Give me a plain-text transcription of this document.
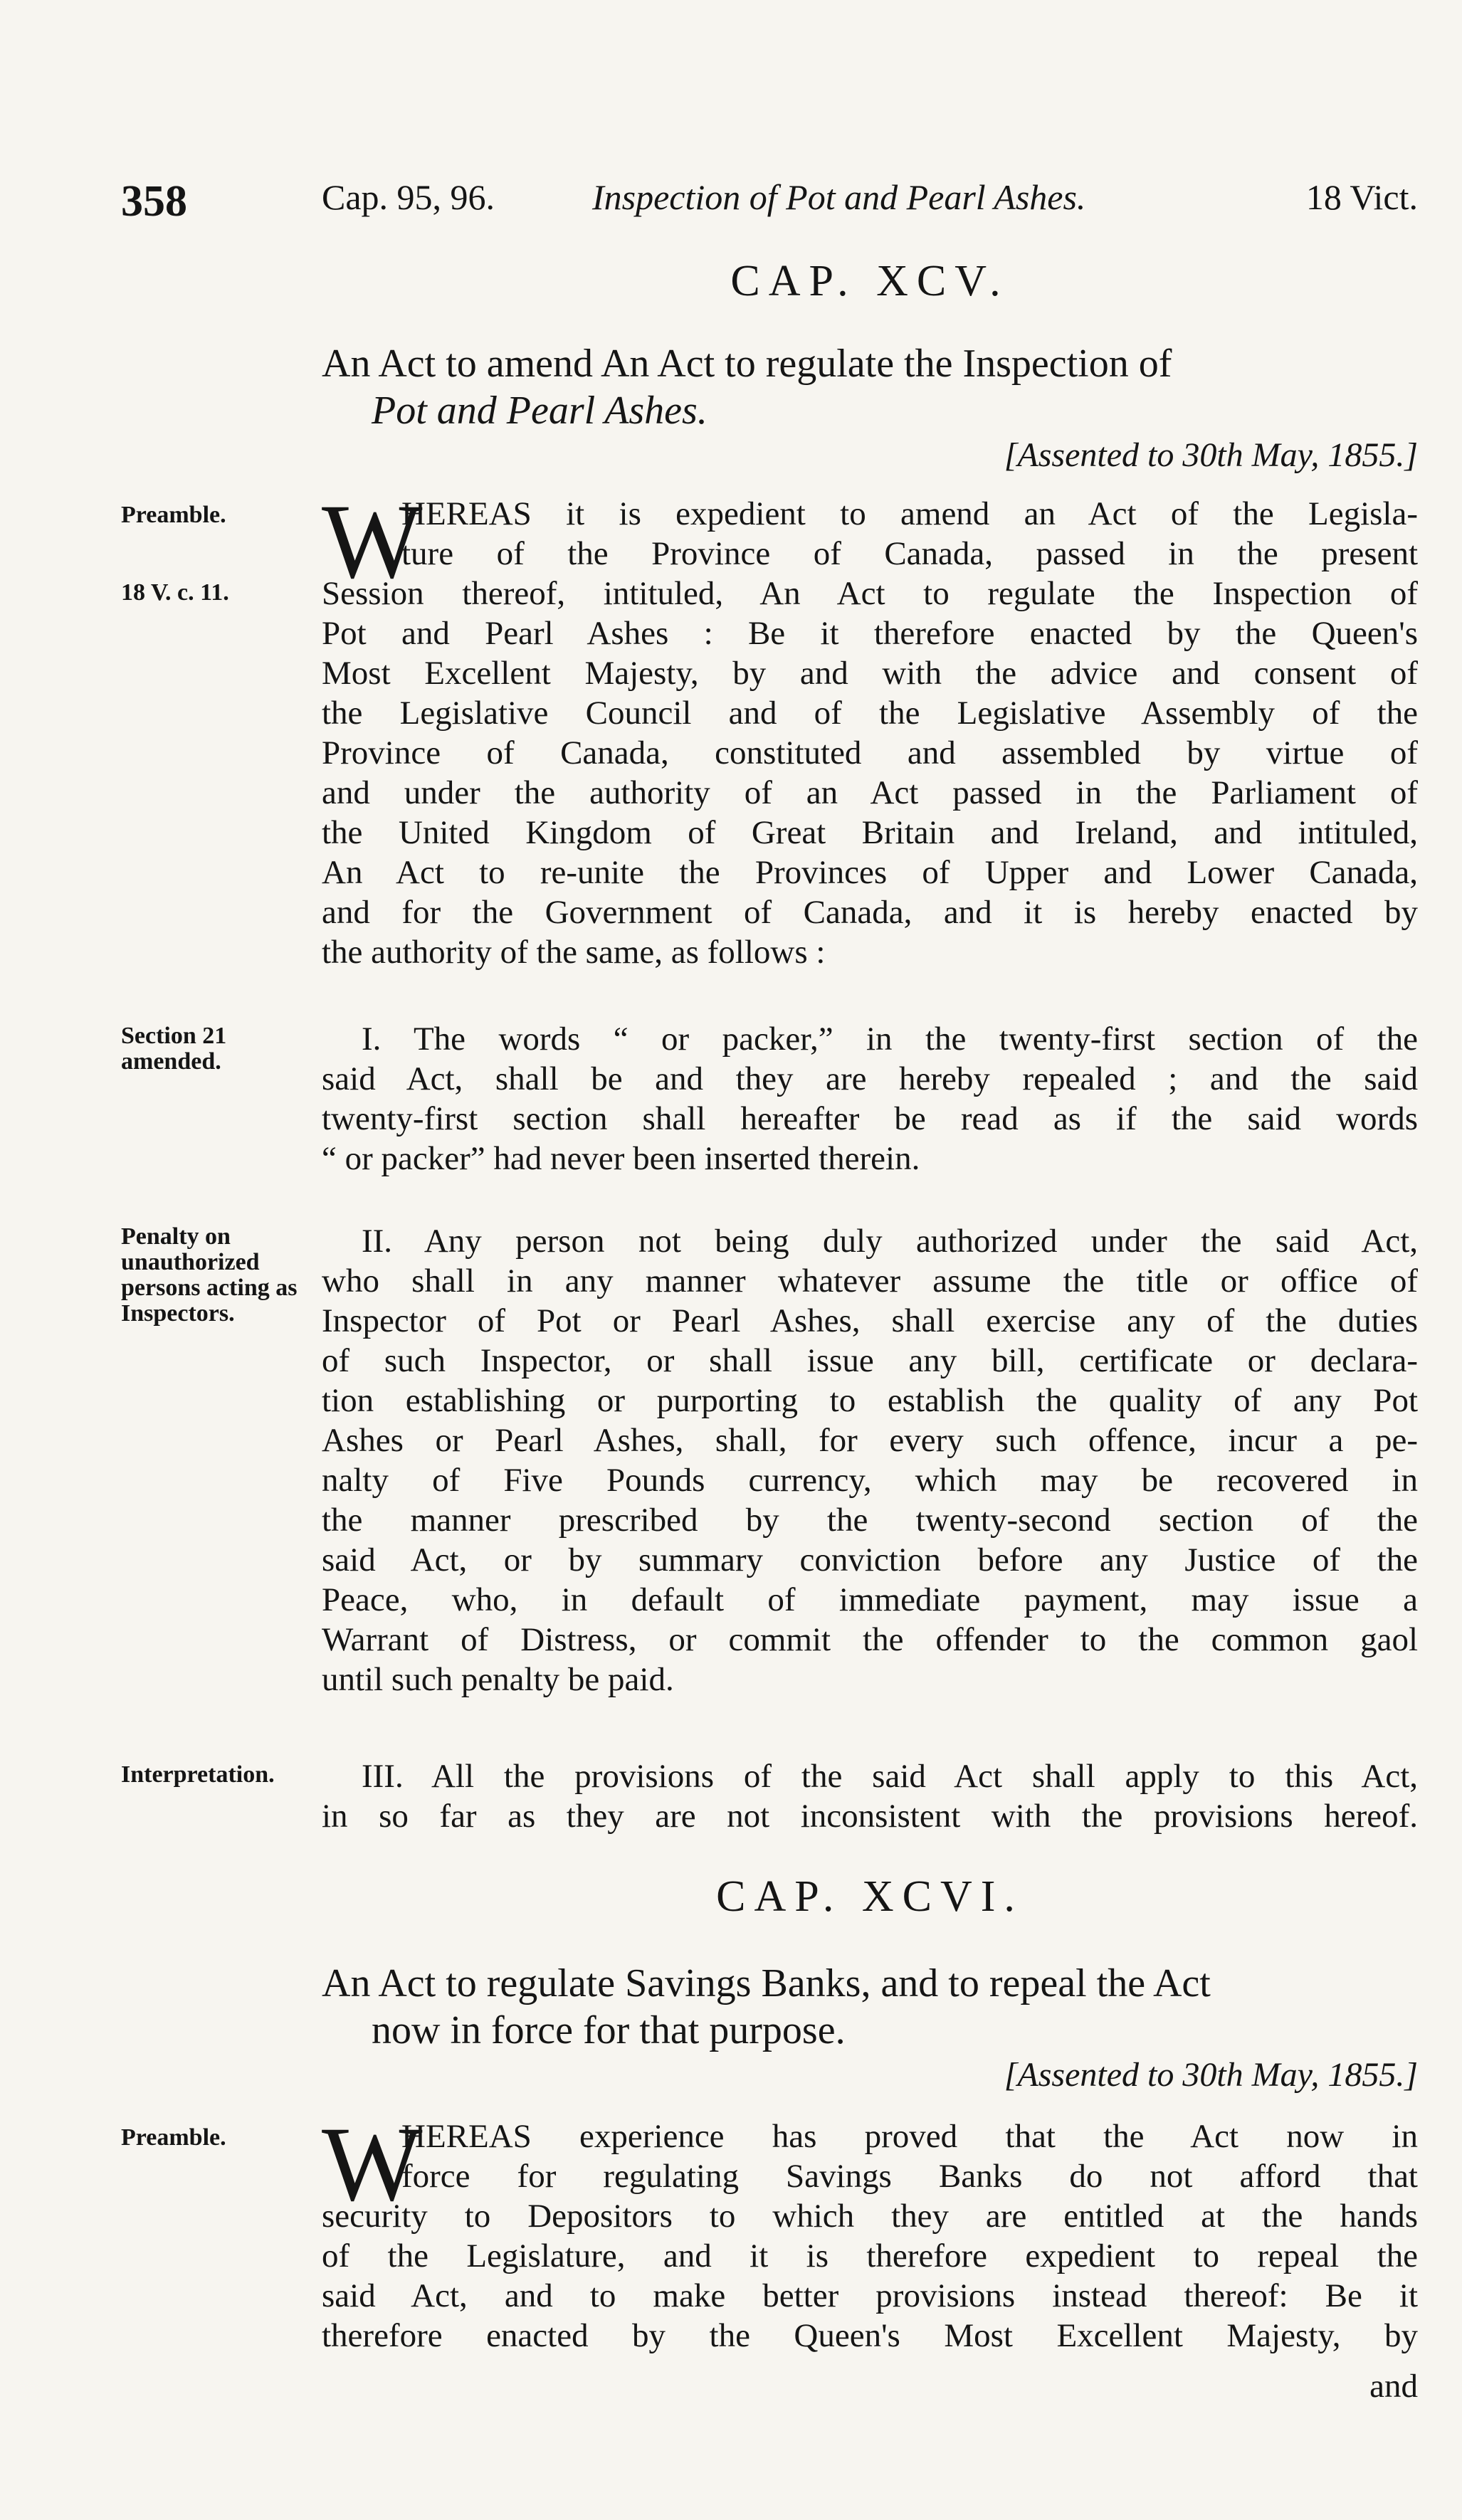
358	Cap. 95, 96.	Inspection of Pot and Pearl Ashes.	18 Vict.
CAP. XCV.
An Act to amend An Act to regulate the Inspection of
Pot and Pearl Ashes.
[Assented to 30th May, 1855.]
Preamble.
18 V. c. 11. W
HEREAS it is expedient to amend an Act of the Legisla-
ture of the Province of Canada, passed in the present
Session thereof, intituled, An Act to regulate the Inspection of
Pot and Pearl Ashes : Be it therefore enacted by the Queen's
Most Excellent Majesty, by and with the advice and consent of
the Legislative Council and of the Legislative Assembly of the
Province of Canada, constituted and assembled by virtue of
and under the authority of an Act passed in the Parliament of
the United Kingdom of Great Britain and Ireland, and intituled,
An Act to re-unite the Provinces of Upper and Lower Canada,
and for the Government of Canada, and it is hereby enacted by
the authority of the same, as follows :
Section 21 amended.
I. The words “ or packer,” in the twenty-first section of the
said Act, shall be and they are hereby repealed ; and the said
twenty-first section shall hereafter be read as if the said words
“ or packer” had never been inserted therein.
Penalty on unauthorized persons acting as Inspectors.
II. Any person not being duly authorized under the said Act,
who shall in any manner whatever assume the title or office of
Inspector of Pot or Pearl Ashes, shall exercise any of the duties
of such Inspector, or shall issue any bill, certificate or declara-
tion establishing or purporting to establish the quality of any Pot
Ashes or Pearl Ashes, shall, for every such offence, incur a pe-
nalty of Five Pounds currency, which may be recovered in
the manner prescribed by the twenty-second section of the
said Act, or by summary conviction before any Justice of the
Peace, who, in default of immediate payment, may issue a
Warrant of Distress, or commit the offender to the common gaol
until such penalty be paid.
Interpretation.	III. All the provisions of the said Act shall apply to this Act,
in so far as they are not inconsistent with the provisions hereof.
CAP. XCVI.
An Act to regulate Savings Banks, and to repeal the Act
now in force for that purpose.
[Assented to 30th May, 1855.]
Preamble. W
HEREAS experience has proved that the Act now in
force for regulating Savings Banks do not afford that
security to Depositors to which they are entitled at the hands
of the Legislature, and it is therefore expedient to repeal the
said Act, and to make better provisions instead thereof: Be it
therefore enacted by the Queen's Most Excellent Majesty, by
and
